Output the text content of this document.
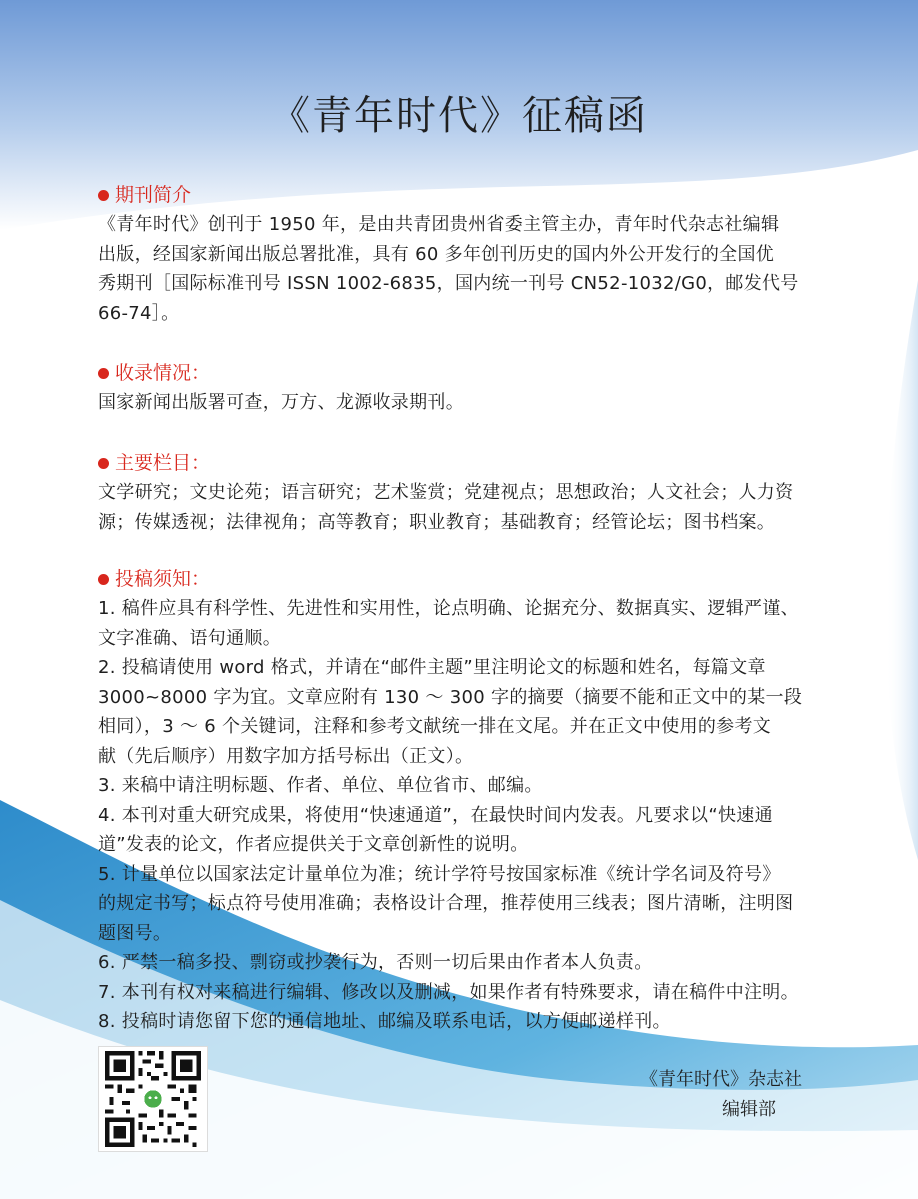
《青年时代》征稿函
期刊简介

《青年时代》创刊于 1950 年，是由共青团贵州省委主管主办，青年时代杂志社编辑

出版，经国家新闻出版总署批准，具有 60 多年创刊历史的国内外公开发行的全国优

秀期刊［国际标准刊号 ISSN 1002-6835，国内统一刊号 CN52-1032/G0，邮发代号

66-74］。

收录情况：

国家新闻出版署可查，万方、龙源收录期刊。

主要栏目：

文学研究；文史论苑；语言研究；艺术鉴赏；党建视点；思想政治；人文社会；人力资

源；传媒透视；法律视角；高等教育；职业教育；基础教育；经管论坛；图书档案。

投稿须知：

1. 稿件应具有科学性、先进性和实用性，论点明确、论据充分、数据真实、逻辑严谨、

文字准确、语句通顺。

2. 投稿请使用 word 格式，并请在“邮件主题”里注明论文的标题和姓名，每篇文章

3000~8000 字为宜。文章应附有 130 ～ 300 字的摘要（摘要不能和正文中的某一段

相同），3 ～ 6 个关键词，注释和参考文献统一排在文尾。并在正文中使用的参考文

献（先后顺序）用数字加方括号标出（正文）。

3. 来稿中请注明标题、作者、单位、单位省市、邮编。

4. 本刊对重大研究成果，将使用“快速通道”，在最快时间内发表。凡要求以“快速通

道”发表的论文，作者应提供关于文章创新性的说明。

5. 计量单位以国家法定计量单位为准；统计学符号按国家标准《统计学名词及符号》

的规定书写；标点符号使用准确；表格设计合理，推荐使用三线表；图片清晰，注明图

题图号。

6. 严禁一稿多投、剽窃或抄袭行为，否则一切后果由作者本人负责。

7. 本刊有权对来稿进行编辑、修改以及删减，如果作者有特殊要求，请在稿件中注明。

8. 投稿时请您留下您的通信地址、邮编及联系电话，以方便邮递样刊。

《青年时代》杂志社
编辑部
